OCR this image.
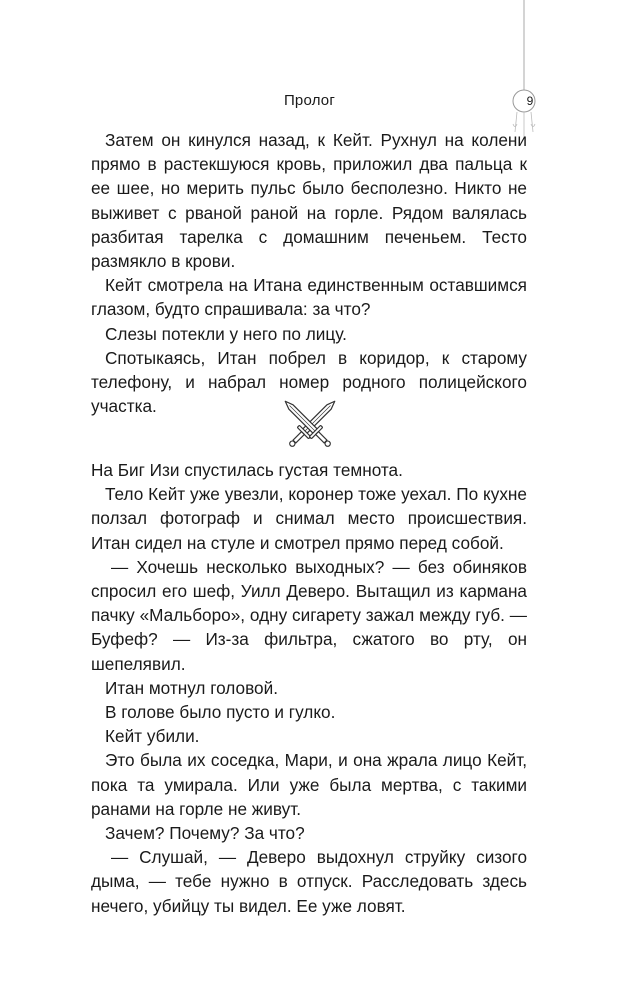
9
Пролог

Затем он кинулся назад, к Кейт. Рухнул на колени прямо в растекшуюся кровь, приложил два пальца к ее шее, но мерить пульс было бесполезно. Никто не выживет с рваной раной на горле. Рядом валялась разбитая тарелка с домашним печеньем. Тесто размякло в крови.

Кейт смотрела на Итана единственным оставшимся глазом, будто спрашивала: за что?

Слезы потекли у него по лицу.

Спотыкаясь, Итан побрел в коридор, к старому телефону, и набрал номер родного полицейского участка.

На Биг Изи спустилась густая темнота.

Тело Кейт уже увезли, коронер тоже уехал. По кухне ползал фотограф и снимал место происшествия. Итан сидел на стуле и смотрел прямо перед собой.

— Хочешь несколько выходных? — без обиняков спросил его шеф, Уилл Деверо. Вытащил из кармана пачку «Мальборо», одну сигарету зажал между губ. — Буфеф? — Из-за фильтра, сжатого во рту, он шепелявил.

Итан мотнул головой.

В голове было пусто и гулко.

Кейт убили.

Это была их соседка, Мари, и она жрала лицо Кейт, пока та умирала. Или уже была мертва, с такими ранами на горле не живут.

Зачем? Почему? За что?

— Слушай, — Деверо выдохнул струйку сизого дыма, — тебе нужно в отпуск. Расследовать здесь нечего, убийцу ты видел. Ее уже ловят.
